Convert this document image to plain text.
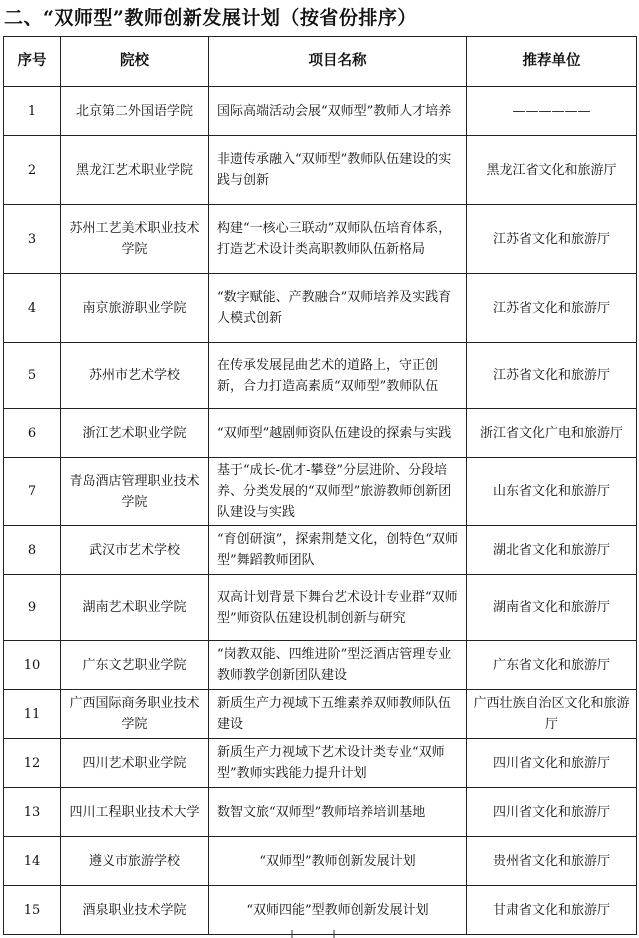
二、“双师型”教师创新发展计划（按省份排序）
序号	院校	项目名称	推荐单位
1	北京第二外国语学院	国际高端活动会展“双师型”教师人才培养	——————
2	黑龙江艺术职业学院	非遗传承融入“双师型”教师队伍建设的实践与创新	黑龙江省文化和旅游厅
3	苏州工艺美术职业技术学院	构建“一核心三联动”双师队伍培育体系，打造艺术设计类高职教师队伍新格局	江苏省文化和旅游厅
4	南京旅游职业学院	“数字赋能、产教融合”双师培养及实践育人模式创新	江苏省文化和旅游厅
5	苏州市艺术学校	在传承发展昆曲艺术的道路上，守正创新，合力打造高素质“双师型”教师队伍	江苏省文化和旅游厅
6	浙江艺术职业学院	“双师型”越剧师资队伍建设的探索与实践	浙江省文化广电和旅游厅
7	青岛酒店管理职业技术学院	基于“成长-优才-攀登”分层进阶、分段培养、分类发展的“双师型”旅游教师创新团队建设与实践	山东省文化和旅游厅
8	武汉市艺术学校	“育创研演”，探索荆楚文化，创特色“双师型”舞蹈教师团队	湖北省文化和旅游厅
9	湖南艺术职业学院	双高计划背景下舞台艺术设计专业群“双师型”师资队伍建设机制创新与研究	湖南省文化和旅游厅
10	广东文艺职业学院	“岗教双能、四维进阶”型泛酒店管理专业教师教学创新团队建设	广东省文化和旅游厅
11	广西国际商务职业技术学院	新质生产力视域下五维素养双师教师队伍建设	广西壮族自治区文化和旅游厅
12	四川艺术职业学院	新质生产力视域下艺术设计类专业“双师型”教师实践能力提升计划	四川省文化和旅游厅
13	四川工程职业技术大学	数智文旅“双师型”教师培养培训基地	四川省文化和旅游厅
14	遵义市旅游学校	“双师型”教师创新发展计划	贵州省文化和旅游厅
15	酒泉职业技术学院	“双师四能”型教师创新发展计划	甘肃省文化和旅游厅
